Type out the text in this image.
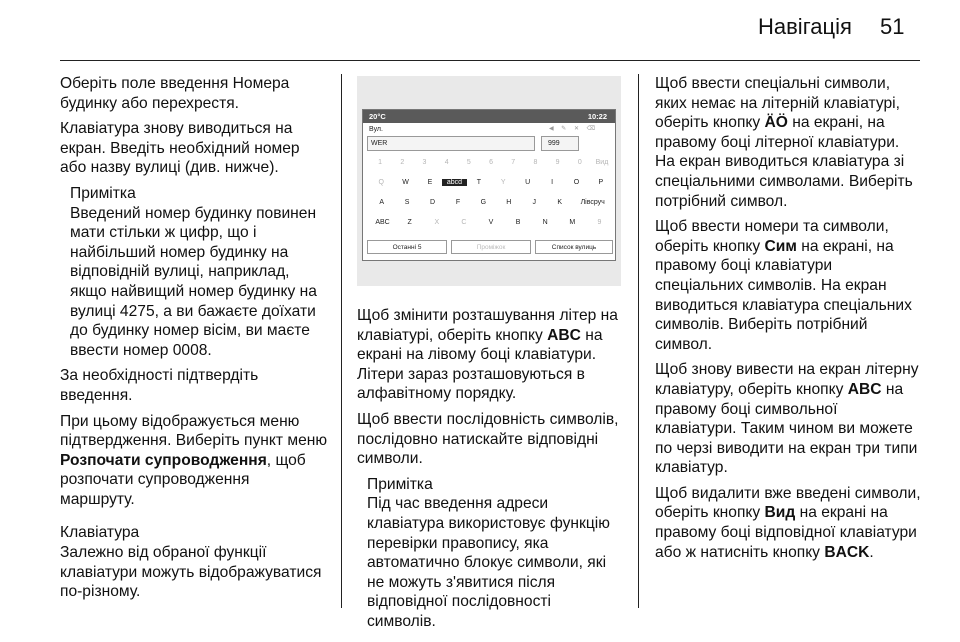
Навігація 51

Оберіть поле введення Номера будинку або перехрестя.

Клавіатура знову виводиться на екран. Введіть необхідний номер або назву вулиці (див. нижче).

Примітка
Введений номер будинку повинен мати стільки ж цифр, що і найбільший номер будинку на відповідній вулиці, наприклад, якщо найвищий номер будинку на вулиці 4275, а ви бажаєте доїхати до будинку номер вісім, ви маєте ввести номер 0008.

За необхідності підтвердіть введення.

При цьому відображується меню підтвердження. Виберіть пункт меню Розпочати супроводження, щоб розпочати супроводження маршруту.

Клавіатура

Залежно від обраної функції клавіатури можуть відображуватися по-різному.

20°C	10:22
Вул.	◀ ✎ ✕ ⌫
WER	999
1	2	3	4	5	6	7	8	9	0	Вид
Q	W	E	abcd	T	Y	U	I	O	P
A	S	D	F	G	H	J	K	Лівсруч
ABC	Z	X	C	V	B	N	M	9
Останні 5	Проміжок	Список вулиць

Щоб змінити розташування літер на клавіатурі, оберіть кнопку ABC на екрані на лівому боці клавіатури. Літери зараз розташовуються в алфавітному порядку.

Щоб ввести послідовність символів, послідовно натискайте відповідні символи.

Примітка
Під час введення адреси клавіатура використовує функцію перевірки правопису, яка автоматично блокує символи, які не можуть з'явитися після відповідної послідовності символів.

Щоб ввести спеціальні символи, яких немає на літерній клавіатурі, оберіть кнопку ÄÖ на екрані, на правому боці літерної клавіатури. На екран виводиться клавіатура зі спеціальними символами. Виберіть потрібний символ.

Щоб ввести номери та символи, оберіть кнопку Сим на екрані, на правому боці клавіатури спеціальних символів. На екран виводиться клавіатура спеціальних символів. Виберіть потрібний символ.

Щоб знову вивести на екран літерну клавіатуру, оберіть кнопку ABC на правому боці символьної клавіатури. Таким чином ви можете по черзі виводити на екран три типи клавіатур.

Щоб видалити вже введені символи, оберіть кнопку Вид на екрані на правому боці відповідної клавіатури або ж натисніть кнопку BACK.
